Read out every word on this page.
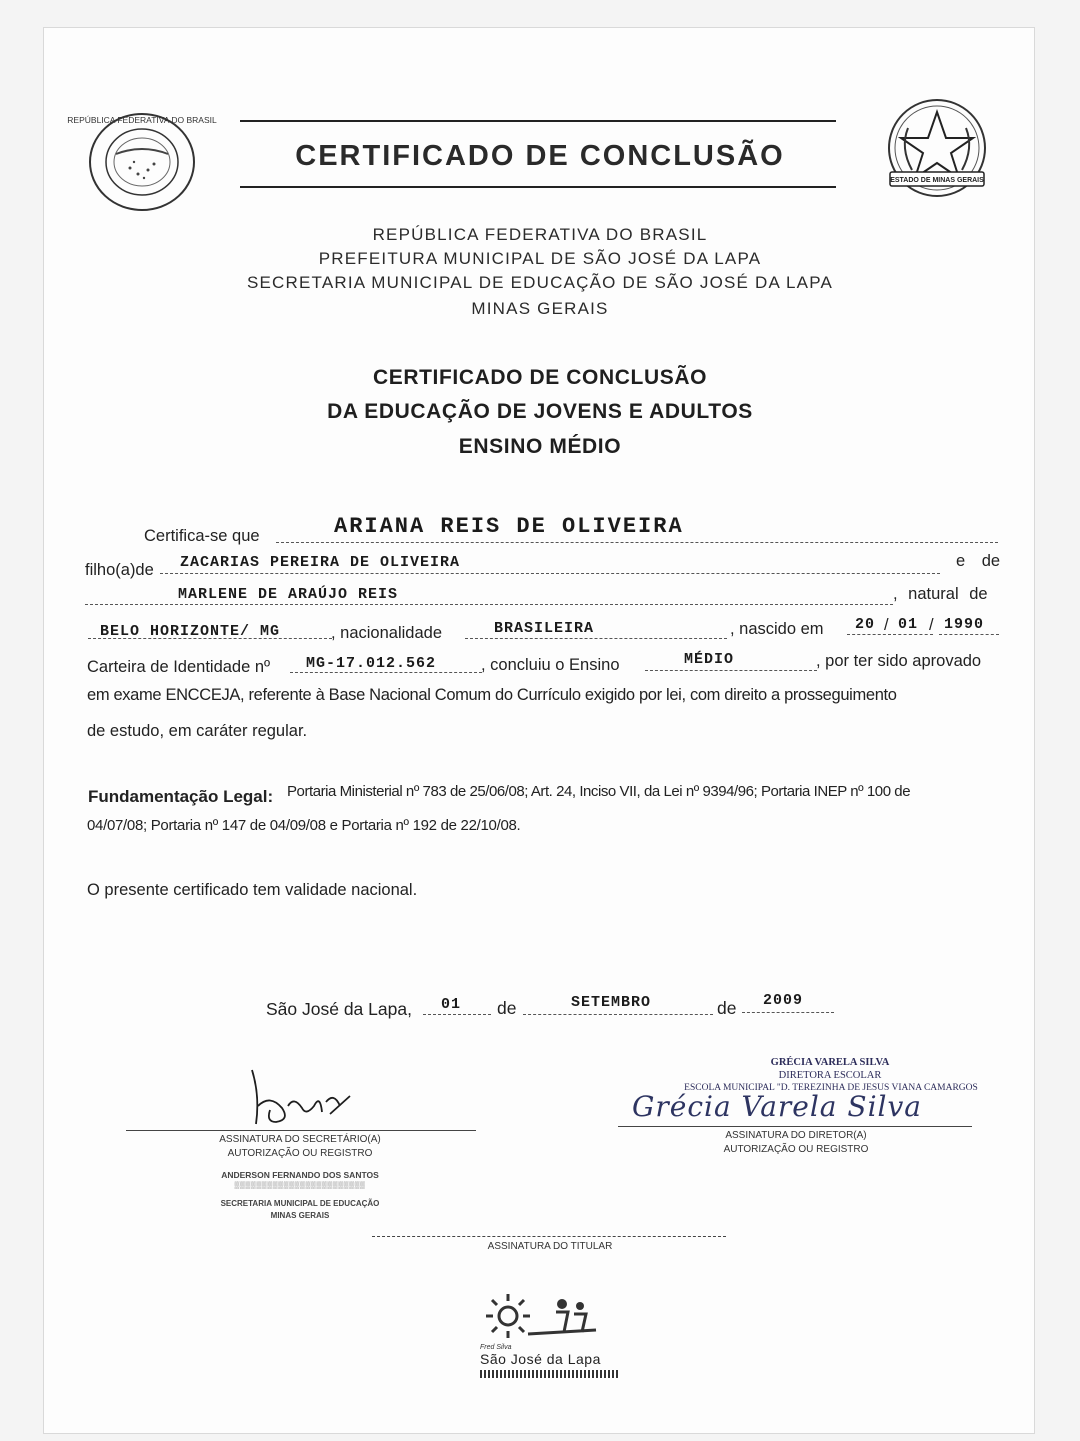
REPÚBLICA FEDERATIVA DO BRASIL
ESTADO DE MINAS GERAIS
CERTIFICADO DE CONCLUSÃO
REPÚBLICA FEDERATIVA DO BRASIL
PREFEITURA MUNICIPAL DE SÃO JOSÉ DA LAPA
SECRETARIA MUNICIPAL DE EDUCAÇÃO DE SÃO JOSÉ DA LAPA
MINAS GERAIS
CERTIFICADO DE CONCLUSÃO
DA EDUCAÇÃO DE JOVENS E ADULTOS
ENSINO MÉDIO
Certifica-se que	ARIANA REIS DE OLIVEIRA
filho(a)de ZACARIAS PEREIRA DE OLIVEIRA	e de
MARLENE DE ARAÚJO REIS	, natural de
BELO HORIZONTE/ MG	, nacionalidade	BRASILEIRA	, nascido em 20 / 01 / 1990
Carteira de Identidade nº MG-17.012.562	, concluiu o Ensino	MÉDIO	, por ter sido aprovado
em exame ENCCEJA, referente à Base Nacional Comum do Currículo exigido por lei, com direito a prosseguimento
de estudo, em caráter regular.
Fundamentação Legal: Portaria Ministerial nº 783 de 25/06/08; Art. 24, Inciso VII, da Lei nº 9394/96; Portaria INEP nº 100 de
04/07/08; Portaria nº 147 de 04/09/08 e Portaria nº 192 de 22/10/08.
O presente certificado tem validade nacional.
São José da Lapa, 01 de	SETEMBRO	de 2009
ASSINATURA DO SECRETÁRIO(A)
AUTORIZAÇÃO OU REGISTRO
ANDERSON FERNANDO DOS SANTOS
▒▒▒▒▒▒▒▒▒▒▒▒▒▒▒▒▒▒▒▒▒▒▒▒
SECRETARIA MUNICIPAL DE EDUCAÇÃO
MINAS GERAIS
GRÉCIA VARELA SILVA
DIRETORA ESCOLAR
ESCOLA MUNICIPAL "D. TEREZINHA DE JESUS VIANA CAMARGOS
Grécia Varela Silva
ASSINATURA DO DIRETOR(A)
AUTORIZAÇÃO OU REGISTRO
ASSINATURA DO TITULAR
Fred Silva
São José da Lapa
